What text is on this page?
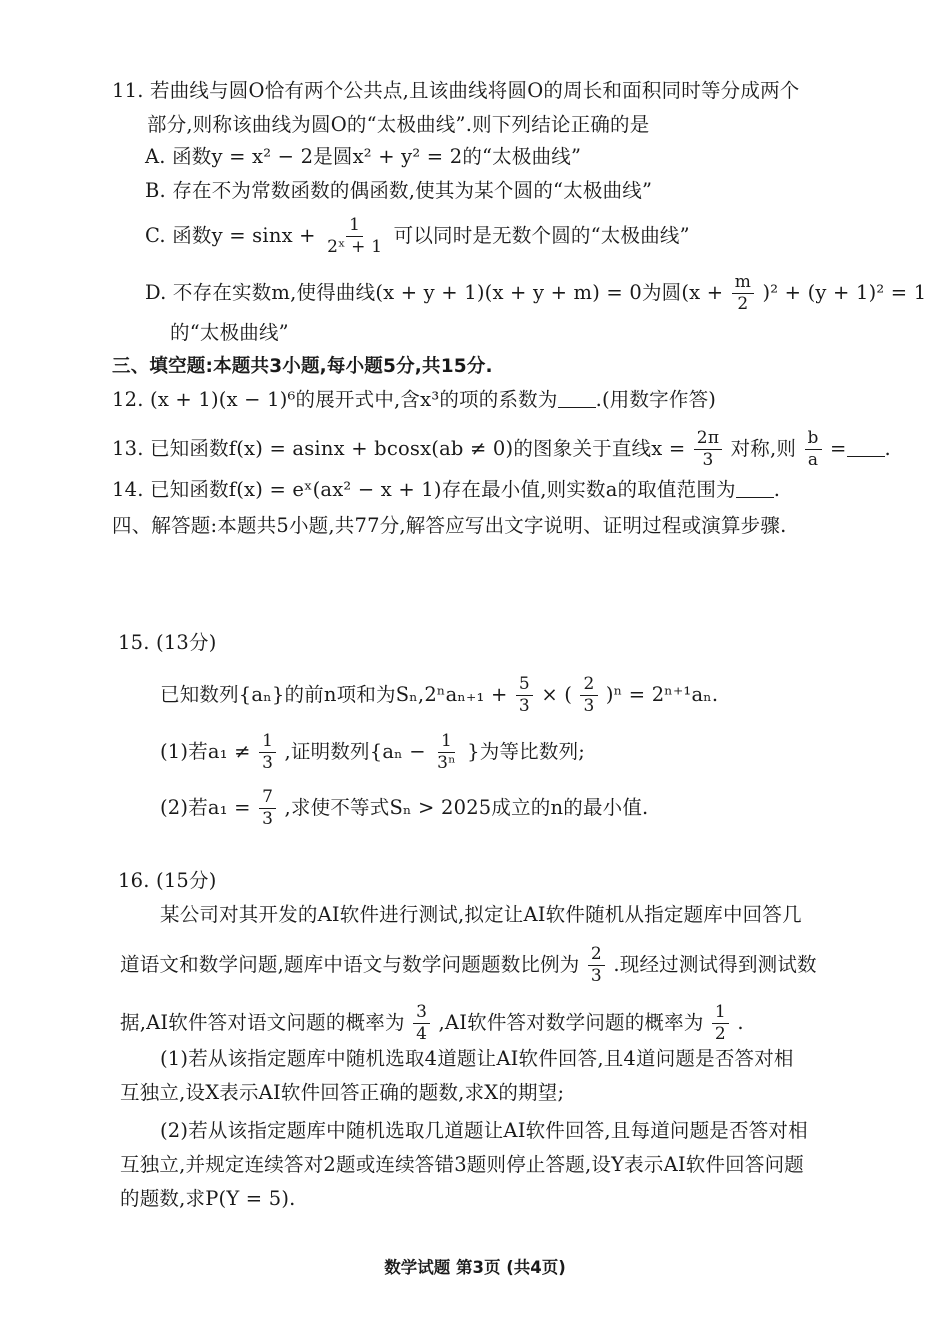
11. 若曲线与圆O恰有两个公共点,且该曲线将圆O的周长和面积同时等分成两个
部分,则称该曲线为圆O的“太极曲线”.则下列结论正确的是
A. 函数y = x² − 2是圆x² + y² = 2的“太极曲线”
B. 存在不为常数函数的偶函数,使其为某个圆的“太极曲线”
C. 函数$y = \sin x + \frac{1}{\text{2ˣ + 1}}$ 可以同时是无数个圆的“太极曲线”
D. 不存在实数m,使得曲线(x + y + 1)(x + y + m) = 0为圆$(x + \frac{m}{2} )^2 + (y + 1)^2 = 1$
的“太极曲线”
三、填空题:本题共3小题,每小题5分,共15分.
12. (x + 1)(x − 1)⁶的展开式中,含x³的项的系数为 .(用数字作答)
13. 已知函数f(x) = asinx + bcosx(ab ≠ 0)的图象关于直线$x = \frac{2\pi}{3}$ 对称,则 $\frac{b}{a}$ = .
14. 已知函数f(x) = eˣ(ax² − x + 1)存在最小值,则实数a的取值范围为 .
四、解答题:本题共5小题,共77分,解答应写出文字说明、证明过程或演算步骤.
15. (13分)
已知数列{aₙ}的前n项和为$S_n,2^na_{n+1} + \frac{5}{3}$ × ( $\frac{2}{3} )^n = 2^{n+1}a_n$.
(1)若$a_1 \ne \frac{1}{3}$ ,证明数列{$a_n - \frac{1}{\text{3ⁿ}}$ }为等比数列;
(2)若$a_1 = \frac{7}{3}$ ,求使不等式Sₙ > 2025成立的n的最小值.
16. (15分)
某公司对其开发的AI软件进行测试,拟定让AI软件随机从指定题库中回答几
道语文和数学问题,题库中语文与数学问题题数比例为 $\frac{2}{3}$ .现经过测试得到测试数
据,AI软件答对语文问题的概率为 $\frac{3}{4} ,AI$软件答对数学问题的概率为 $\frac{1}{2}$ .
(1)若从该指定题库中随机选取4道题让AI软件回答,且4道问题是否答对相
互独立,设X表示AI软件回答正确的题数,求X的期望;
(2)若从该指定题库中随机选取几道题让AI软件回答,且每道问题是否答对相
互独立,并规定连续答对2题或连续答错3题则停止答题,设Y表示AI软件回答问题
的题数,求P(Y = 5).
数学试题 第3页 (共4页)
